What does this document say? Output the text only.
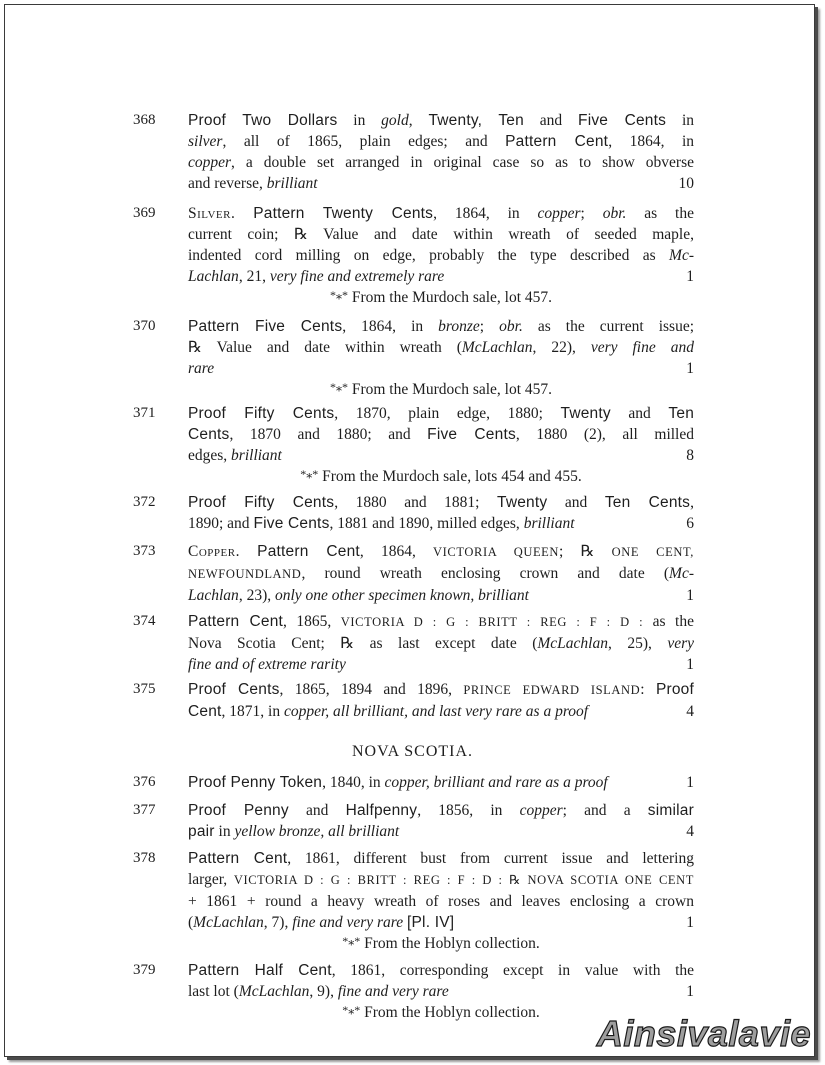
368	Proof Two Dollars in gold, Twenty, Ten and Five Cents in

silver, all of 1865, plain edges; and Pattern Cent, 1864, in

copper, a double set arranged in original case so as to show obverse

and reverse, brilliant	10

369	Silver. Pattern Twenty Cents, 1864, in copper; obr. as the

current coin; ℞ Value and date within wreath of seeded maple,

indented cord milling on edge, probably the type described as Mc-

Lachlan, 21, very fine and extremely rare	1

*⁎* From the Murdoch sale, lot 457.

370	Pattern Five Cents, 1864, in bronze; obr. as the current issue;

℞ Value and date within wreath (McLachlan, 22), very fine and

rare	1

*⁎* From the Murdoch sale, lot 457.

371	Proof Fifty Cents, 1870, plain edge, 1880; Twenty and Ten

Cents, 1870 and 1880; and Five Cents, 1880 (2), all milled

edges, brilliant	8

*⁎* From the Murdoch sale, lots 454 and 455.

372	Proof Fifty Cents, 1880 and 1881; Twenty and Ten Cents,

1890; and Five Cents, 1881 and 1890, milled edges, brilliant	6

373	Copper. Pattern Cent, 1864, VICTORIA QUEEN; ℞ ONE CENT,

NEWFOUNDLAND, round wreath enclosing crown and date (Mc-

Lachlan, 23), only one other specimen known, brilliant	1

374	Pattern Cent, 1865, VICTORIA D : G : BRITT : REG : F : D : as the

Nova Scotia Cent; ℞ as last except date (McLachlan, 25), very

fine and of extreme rarity	1

375	Proof Cents, 1865, 1894 and 1896, PRINCE EDWARD ISLAND: Proof

Cent, 1871, in copper, all brilliant, and last very rare as a proof	4

376	Proof Penny Token, 1840, in copper, brilliant and rare as a proof	1

377	Proof Penny and Halfpenny, 1856, in copper; and a similar

pair in yellow bronze, all brilliant	4

378	Pattern Cent, 1861, different bust from current issue and lettering

larger, VICTORIA D : G : BRITT : REG : F : D : ℞ NOVA SCOTIA ONE CENT

+ 1861 + round a heavy wreath of roses and leaves enclosing a crown

(McLachlan, 7), fine and very rare [Pl. IV]	1

*⁎* From the Hoblyn collection.

379	Pattern Half Cent, 1861, corresponding except in value with the

last lot (McLachlan, 9), fine and very rare	1

*⁎* From the Hoblyn collection.

NOVA SCOTIA.
Ainsivalavie
